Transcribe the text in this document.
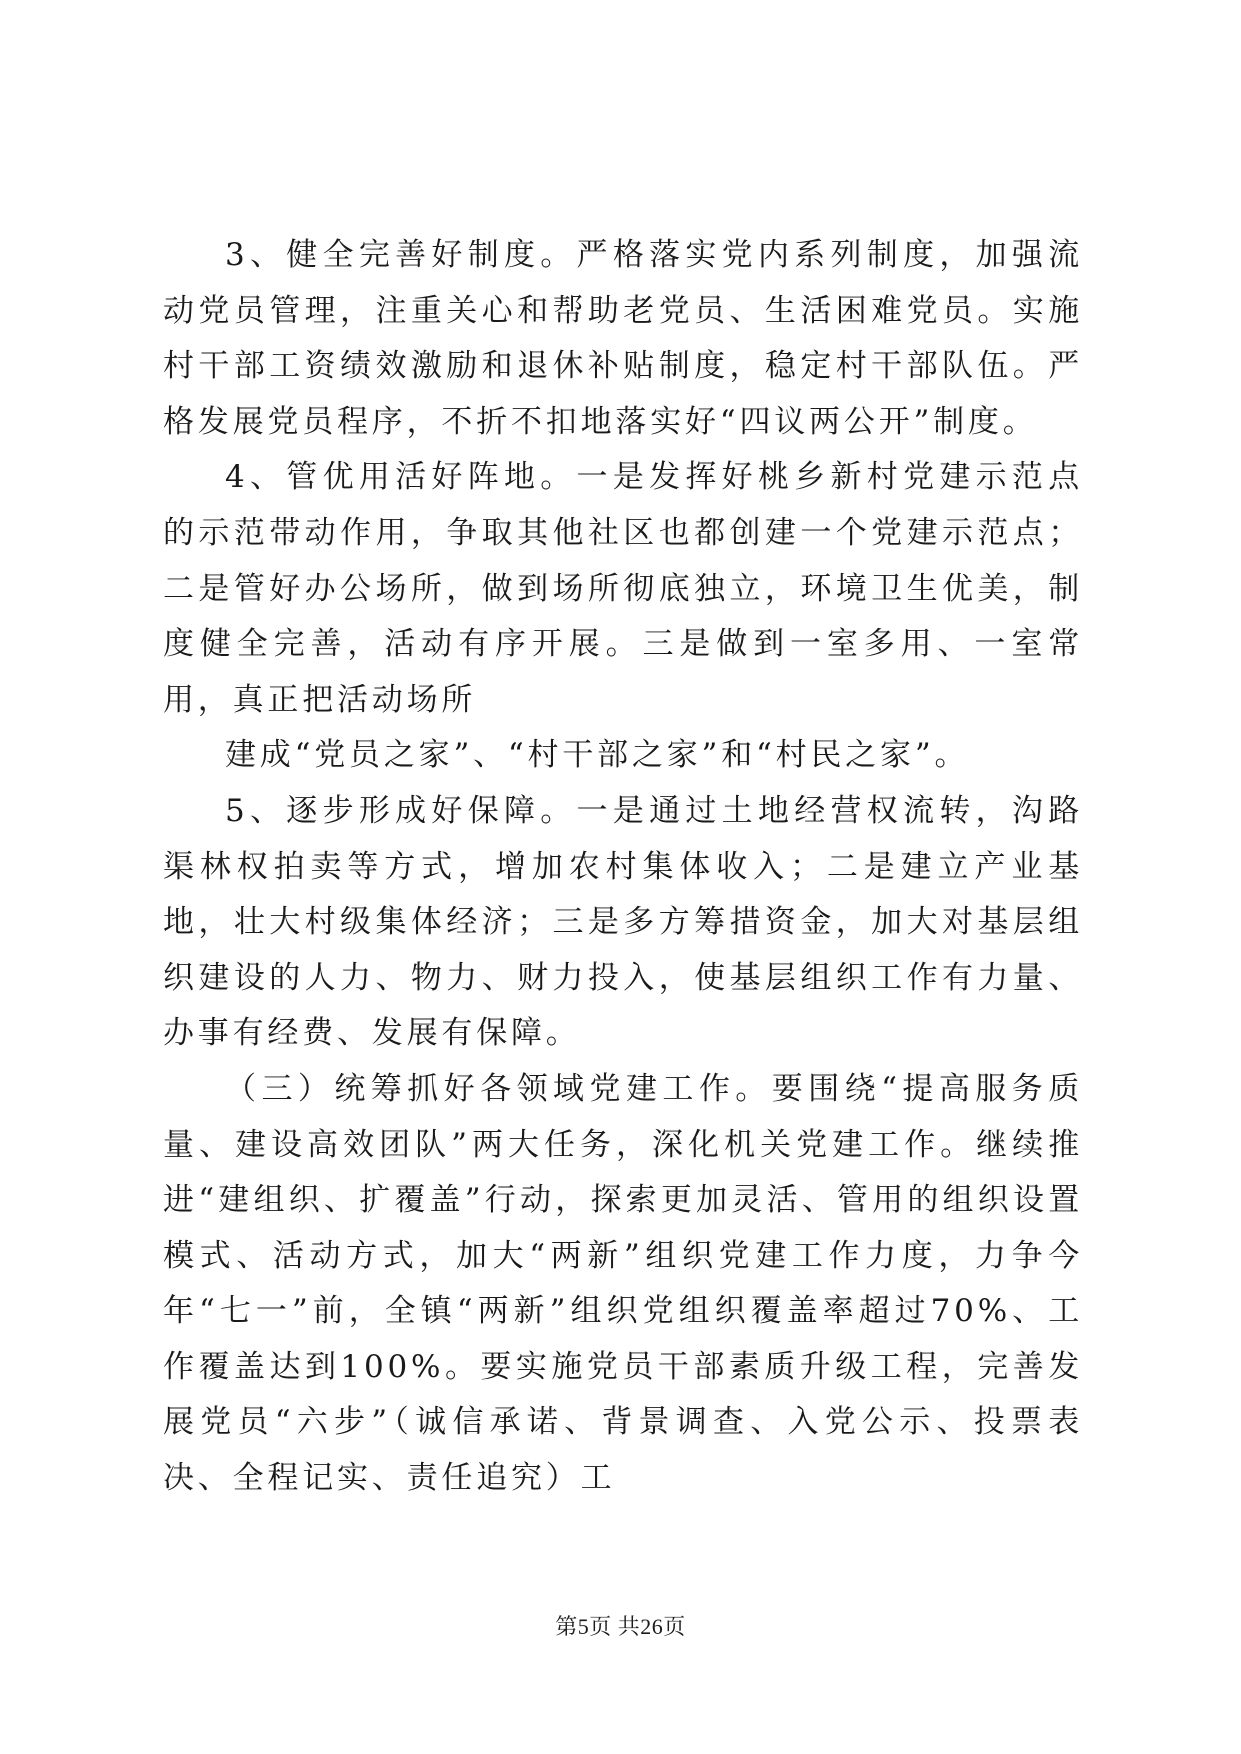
3、健全完善好制度。严格落实党内系列制度，加强流动党员管理，注重关心和帮助老党员、生活困难党员。实施村干部工资绩效激励和退休补贴制度，稳定村干部队伍。严格发展党员程序，不折不扣地落实好“四议两公开”制度。

4、管优用活好阵地。一是发挥好桃乡新村党建示范点的示范带动作用，争取其他社区也都创建一个党建示范点；二是管好办公场所，做到场所彻底独立，环境卫生优美，制度健全完善，活动有序开展。三是做到一室多用、一室常用，真正把活动场所

建成“党员之家”、“村干部之家”和“村民之家”。

5、逐步形成好保障。一是通过土地经营权流转，沟路渠林权拍卖等方式，增加农村集体收入；二是建立产业基地，壮大村级集体经济；三是多方筹措资金，加大对基层组织建设的人力、物力、财力投入，使基层组织工作有力量、办事有经费、发展有保障。

（三）统筹抓好各领域党建工作。要围绕“提高服务质量、建设高效团队”两大任务，深化机关党建工作。继续推进“建组织、扩覆盖”行动，探索更加灵活、管用的组织设置模式、活动方式，加大“两新”组织党建工作力度，力争今年“七一”前，全镇“两新”组织党组织覆盖率超过70%、工作覆盖达到100%。要实施党员干部素质升级工程，完善发展党员“六步”（诚信承诺、背景调查、入党公示、投票表决、全程记实、责任追究）工

第5页 共26页
